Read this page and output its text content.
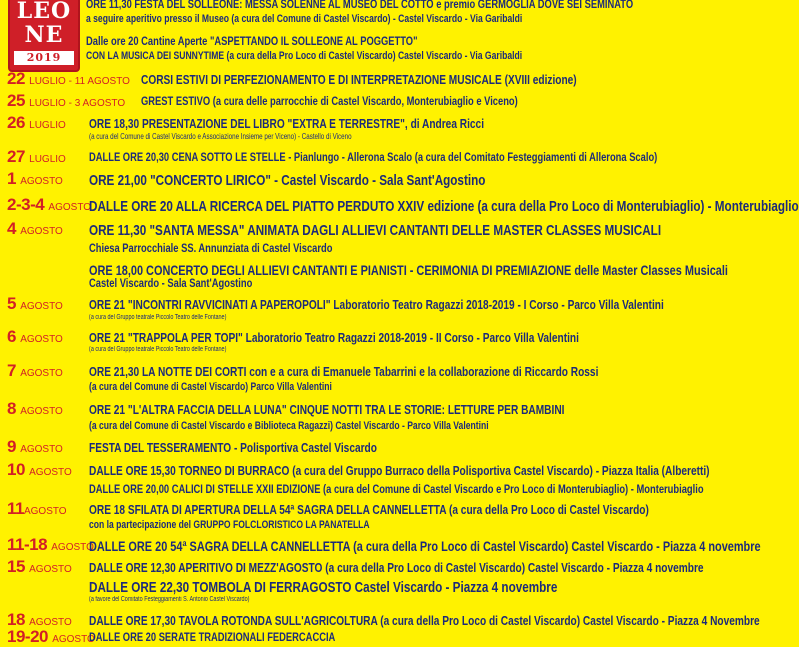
LEO
NE
2019
ORE 11,30 FESTA DEL SOLLEONE: MESSA SOLENNE AL MUSEO DEL COTTO e premio GERMOGLIA DOVE SEI SEMINATO
a seguire aperitivo presso il Museo (a cura del Comune di Castel Viscardo) - Castel Viscardo - Via Garibaldi
Dalle ore 20 Cantine Aperte "ASPETTANDO IL SOLLEONE AL POGGETTO"
CON LA MUSICA DEI SUNNYTIME (a cura della Pro Loco di Castel Viscardo) Castel Viscardo - Via Garibaldi
22 LUGLIO - 11 AGOSTO CORSI ESTIVI DI PERFEZIONAMENTO E DI INTERPRETAZIONE MUSICALE (XVIII edizione)
25 LUGLIO - 3 AGOSTO GREST ESTIVO (a cura delle parrocchie di Castel Viscardo, Monterubiaglio e Viceno)
26 LUGLIO ORE 18,30 PRESENTAZIONE DEL LIBRO "EXTRA E TERRESTRE", di Andrea Ricci
(a cura del Comune di Castel Viscardo e Associazione Insieme per Viceno) - Castello di Viceno
27 LUGLIO DALLE ORE 20,30 CENA SOTTO LE STELLE - Pianlungo - Allerona Scalo (a cura del Comitato Festeggiamenti di Allerona Scalo)
1 AGOSTO ORE 21,00 "CONCERTO LIRICO" - Castel Viscardo - Sala Sant'Agostino
2-3-4 AGOSTO
DALLE ORE 20 ALLA RICERCA DEL PIATTO PERDUTO XXIV edizione (a cura della Pro Loco di Monterubiaglio) - Monterubiaglio
4 AGOSTO ORE 11,30 "SANTA MESSA" ANIMATA DAGLI ALLIEVI CANTANTI DELLE MASTER CLASSES MUSICALI
Chiesa Parrocchiale SS. Annunziata di Castel Viscardo
ORE 18,00 CONCERTO DEGLI ALLIEVI CANTANTI E PIANISTI - CERIMONIA DI PREMIAZIONE delle Master Classes Musicali
Castel Viscardo - Sala Sant'Agostino
5 AGOSTO ORE 21 "INCONTRI RAVVICINATI A PAPEROPOLI" Laboratorio Teatro Ragazzi 2018-2019 - I Corso - Parco Villa Valentini
(a cura del Gruppo teatrale Piccolo Teatro delle Fontane)
6 AGOSTO ORE 21 "TRAPPOLA PER TOPI" Laboratorio Teatro Ragazzi 2018-2019 - II Corso - Parco Villa Valentini
(a cura del Gruppo teatrale Piccolo Teatro delle Fontane)
7 AGOSTO ORE 21,30 LA NOTTE DEI CORTI con e a cura di Emanuele Tabarrini e la collaborazione di Riccardo Rossi
(a cura del Comune di Castel Viscardo) Parco Villa Valentini
8 AGOSTO ORE 21 "L'ALTRA FACCIA DELLA LUNA" CINQUE NOTTI TRA LE STORIE: LETTURE PER BAMBINI
(a cura del Comune di Castel Viscardo e Biblioteca Ragazzi) Castel Viscardo - Parco Villa Valentini
9 AGOSTO FESTA DEL TESSERAMENTO - Polisportiva Castel Viscardo
10 AGOSTO DALLE ORE 15,30 TORNEO DI BURRACO (a cura del Gruppo Burraco della Polisportiva Castel Viscardo) - Piazza Italia (Alberetti)
DALLE ORE 20,00 CALICI DI STELLE XXII EDIZIONE (a cura del Comune di Castel Viscardo e Pro Loco di Monterubiaglio) - Monterubiaglio
11AGOSTO ORE 18 SFILATA DI APERTURA DELLA 54ª SAGRA DELLA CANNELLETTA (a cura della Pro Loco di Castel Viscardo)
con la partecipazione del GRUPPO FOLCLORISTICO LA PANATELLA
11-18 AGOSTO
DALLE ORE 20 54ª SAGRA DELLA CANNELLETTA (a cura della Pro Loco di Castel Viscardo) Castel Viscardo - Piazza 4 novembre
15 AGOSTO DALLE ORE 12,30 APERITIVO DI MEZZ'AGOSTO (a cura della Pro Loco di Castel Viscardo) Castel Viscardo - Piazza 4 novembre
DALLE ORE 22,30 TOMBOLA DI FERRAGOSTO Castel Viscardo - Piazza 4 novembre
(a favore del Comitato Festeggiamenti S. Antonio Castel Viscardo)
18 AGOSTO DALLE ORE 17,30 TAVOLA ROTONDA SULL'AGRICOLTURA (a cura della Pro Loco di Castel Viscardo) Castel Viscardo - Piazza 4 Novembre
19-20 AGOSTO
DALLE ORE 20 SERATE TRADIZIONALI FEDERCACCIA
